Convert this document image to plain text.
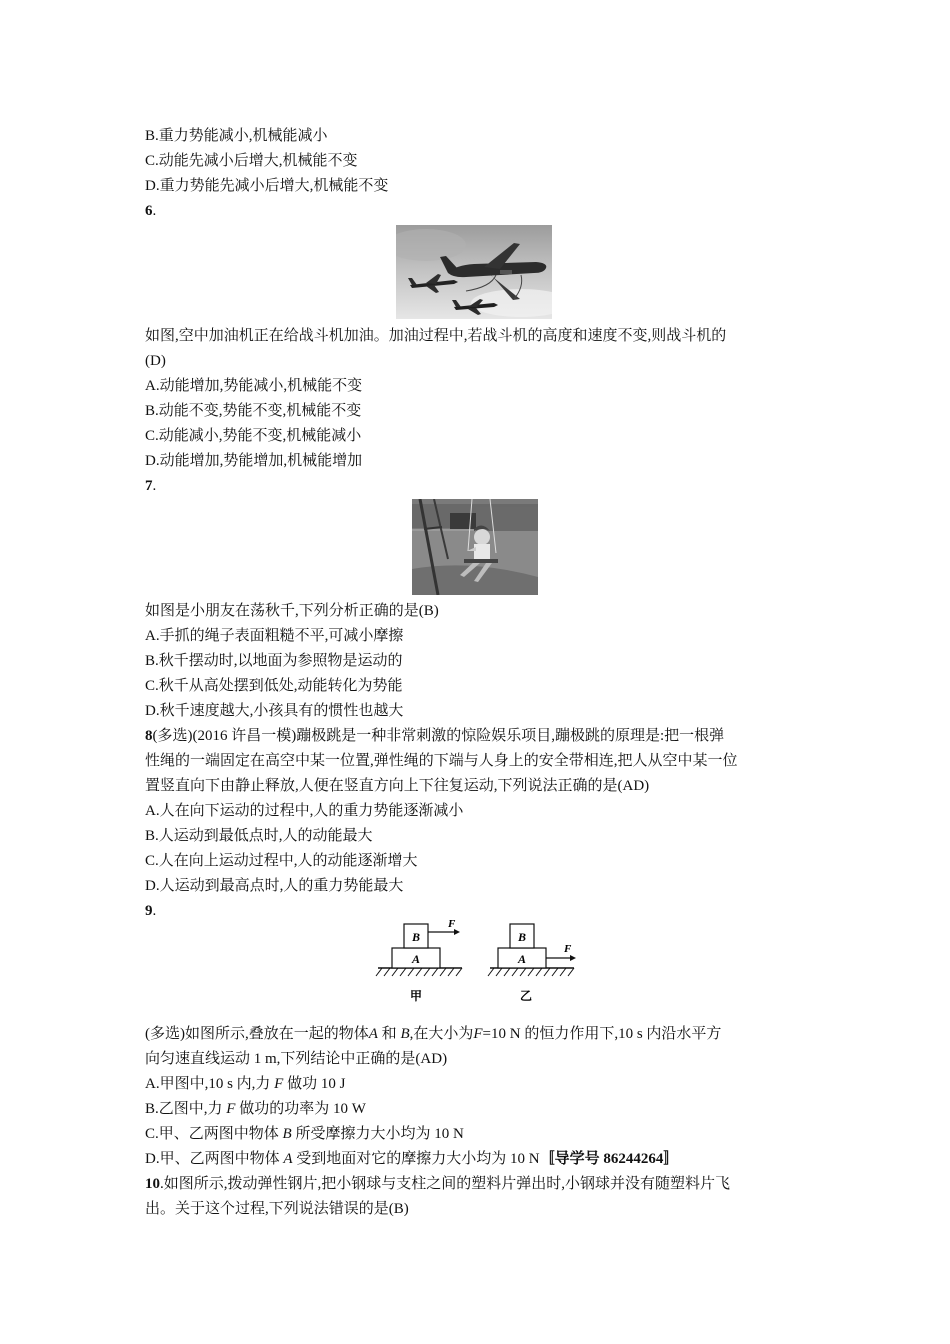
B.重力势能减小,机械能减小
C.动能先减小后增大,机械能不变
D.重力势能先减小后增大,机械能不变
6.
如图,空中加油机正在给战斗机加油。加油过程中,若战斗机的高度和速度不变,则战斗机的
(D)
A.动能增加,势能减小,机械能不变
B.动能不变,势能不变,机械能不变
C.动能减小,势能不变,机械能减小
D.动能增加,势能增加,机械能增加
7.
如图是小朋友在荡秋千,下列分析正确的是(B)
A.手抓的绳子表面粗糙不平,可减小摩擦
B.秋千摆动时,以地面为参照物是运动的
C.秋千从高处摆到低处,动能转化为势能
D.秋千速度越大,小孩具有的惯性也越大
8(多选)(2016 许昌一模)蹦极跳是一种非常刺激的惊险娱乐项目,蹦极跳的原理是:把一根弹
性绳的一端固定在高空中某一位置,弹性绳的下端与人身上的安全带相连,把人从空中某一位
置竖直向下由静止释放,人便在竖直方向上下往复运动,下列说法正确的是(AD)
A.人在向下运动的过程中,人的重力势能逐渐减小
B.人运动到最低点时,人的动能最大
C.人在向上运动过程中,人的动能逐渐增大
D.人运动到最高点时,人的重力势能最大
9.
A
B
F
甲
A
B
F
乙
(多选)如图所示,叠放在一起的物体A 和 B,在大小为F=10 N 的恒力作用下,10 s 内沿水平方
向匀速直线运动 1 m,下列结论中正确的是(AD)
A.甲图中,10 s 内,力 F 做功 10 J
B.乙图中,力 F 做功的功率为 10 W
C.甲、乙两图中物体 B 所受摩擦力大小均为 10 N
D.甲、乙两图中物体 A 受到地面对它的摩擦力大小均为 10 N〚导学号 86244264〛
10.如图所示,拨动弹性钢片,把小钢球与支柱之间的塑料片弹出时,小钢球并没有随塑料片飞
出。关于这个过程,下列说法错误的是(B)
